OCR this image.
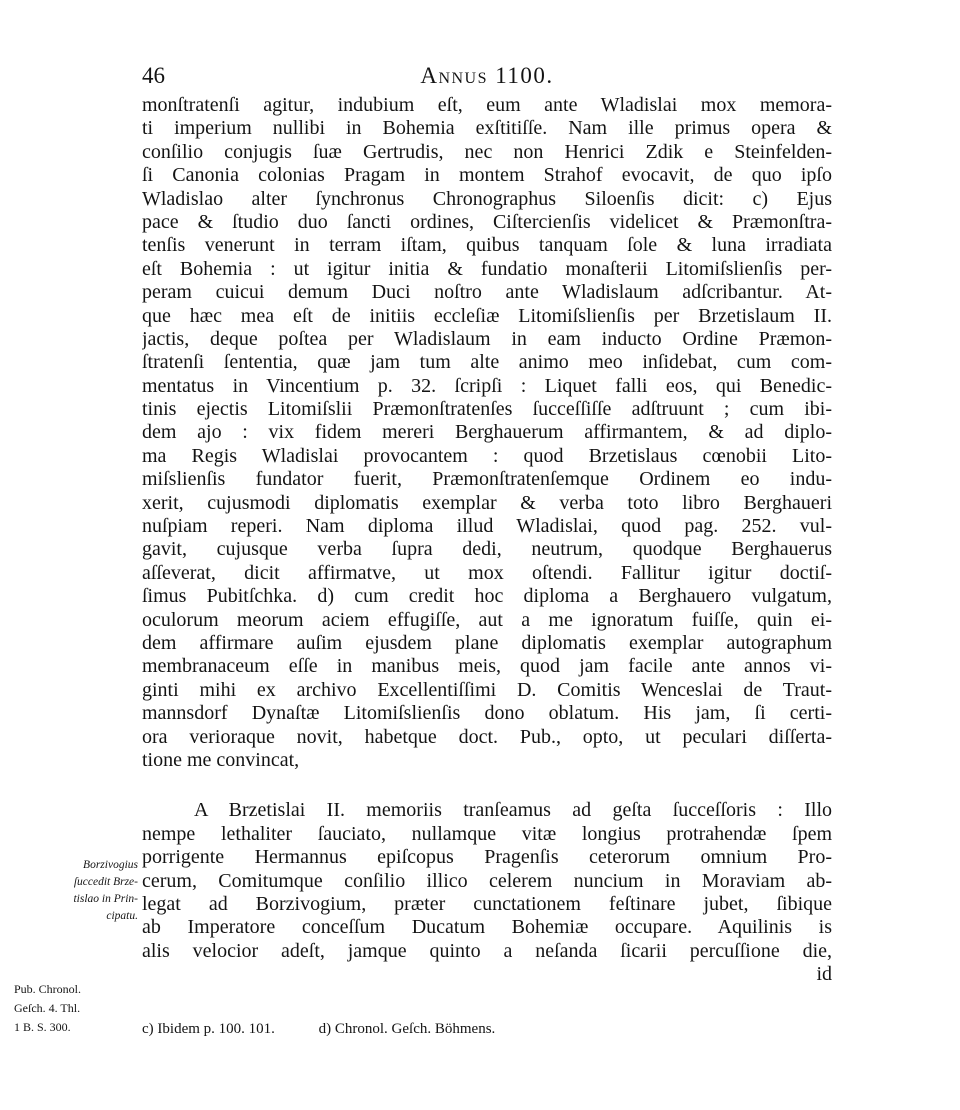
46	Annus 1100.
monſtratenſi agitur, indubium eſt, eum ante Wladislai mox memora-
ti imperium nullibi in Bohemia exſtitiſſe. Nam ille primus opera &
conſilio conjugis ſuæ Gertrudis, nec non Henrici Zdik e Steinfelden-
ſi Canonia colonias Pragam in montem Strahof evocavit, de quo ipſo
Wladislao alter ſynchronus Chronographus Siloenſis dicit: c) Ejus
pace & ſtudio duo ſancti ordines, Ciſtercienſis videlicet & Præmonſtra-
tenſis venerunt in terram iſtam, quibus tanquam ſole & luna irradiata
eſt Bohemia : ut igitur initia & fundatio monaſterii Litomiſslienſis per-
peram cuicui demum Duci noſtro ante Wladislaum adſcribantur. At-
que hæc mea eſt de initiis eccleſiæ Litomiſslienſis per Brzetislaum II.
jactis, deque poſtea per Wladislaum in eam inducto Ordine Præmon-
ſtratenſi ſententia, quæ jam tum alte animo meo inſidebat, cum com-
mentatus in Vincentium p. 32. ſcripſi : Liquet falli eos, qui Benedic-
tinis ejectis Litomiſslii Præmonſtratenſes ſucceſſiſſe adſtruunt ; cum ibi-
dem ajo : vix fidem mereri Berghauerum affirmantem, & ad diplo-
ma Regis Wladislai provocantem : quod Brzetislaus cœnobii Lito-
miſslienſis fundator fuerit, Præmonſtratenſemque Ordinem eo indu-
xerit, cujusmodi diplomatis exemplar & verba toto libro Berghaueri
nuſpiam reperi. Nam diploma illud Wladislai, quod pag. 252. vul-
gavit, cujusque verba ſupra dedi, neutrum, quodque Berghauerus
aſſeverat, dicit affirmatve, ut mox oſtendi. Fallitur igitur doctiſ-
ſimus Pubitſchka. d) cum credit hoc diploma a Berghauero vulgatum,
oculorum meorum aciem effugiſſe, aut a me ignoratum fuiſſe, quin ei-
dem affirmare auſim ejusdem plane diplomatis exemplar autographum
membranaceum eſſe in manibus meis, quod jam facile ante annos vi-
ginti mihi ex archivo Excellentiſſimi D. Comitis Wenceslai de Traut-
mannsdorf Dynaſtæ Litomiſslienſis dono oblatum. His jam, ſi certi-
ora verioraque novit, habetque doct. Pub., opto, ut peculari diſſerta-
tione me convincat,
A Brzetislai II. memoriis tranſeamus ad geſta ſucceſſoris : Illo
nempe lethaliter ſauciato, nullamque vitæ longius protrahendæ ſpem
porrigente Hermannus epiſcopus Pragenſis ceterorum omnium Pro-
cerum, Comitumque conſilio illico celerem nuncium in Moraviam ab-
legat ad Borzivogium, præter cunctationem feſtinare jubet, ſibique
ab Imperatore conceſſum Ducatum Bohemiæ occupare. Aquilinis is
alis velocior adeſt, jamque quinto a neſanda ſicarii percuſſione die,
id
Borzivogius
ſuccedit Brze-
tislao in Prin-
cipatu.
Pub. Chronol.
Geſch. 4. Thl.
1 B. S. 300.	c) Ibidem p. 100. 101.	d) Chronol. Geſch. Böhmens.
